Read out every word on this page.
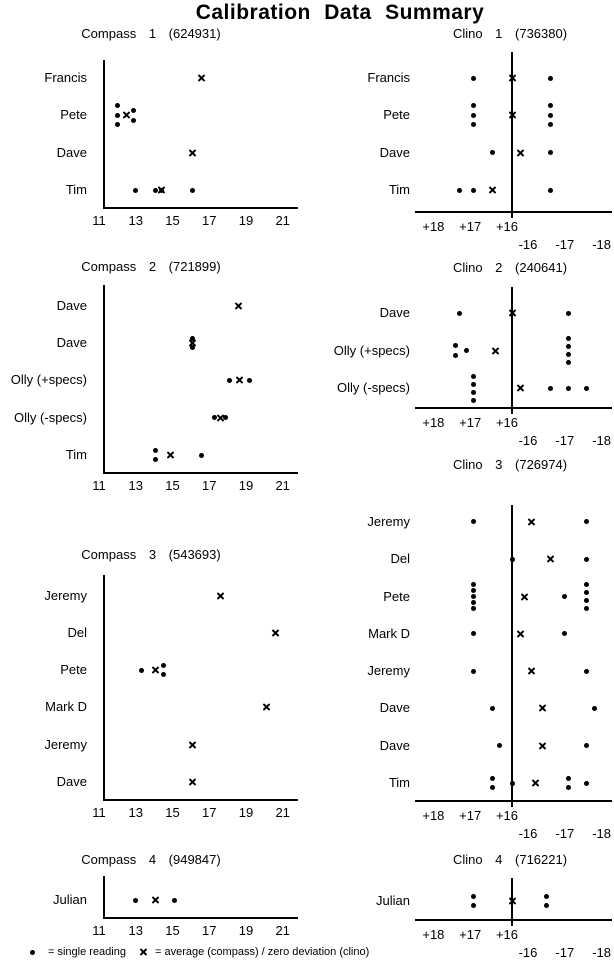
Calibration Data Summary
Compass 1 (624931)
11	13	15	17	19	21
Francis
Pete
Dave
Tim
Clino 1 (736380)
+18	+17	+16
-16	-17	-18
Francis
Pete
Dave
Tim
Compass 2 (721899)
11	13	15	17	19	21
Dave
Dave
Olly (+specs)
Olly (-specs)
Tim
Clino 2 (240641)
+18	+17	+16
-16	-17	-18
Dave
Olly (+specs)
Olly (-specs)
Compass 3 (543693)
11	13	15	17	19	21
Jeremy
Del
Pete
Mark D
Jeremy
Dave
Clino 3 (726974)
+18	+17	+16
-16	-17	-18
Jeremy
Del
Pete
Mark D
Jeremy
Dave
Dave
Tim
Compass 4 (949847)
11	13	15	17	19	21
Julian
Clino 4 (716221)
+18	+17	+16
-16	-17	-18
Julian
= single reading	= average (compass) / zero deviation (clino)
